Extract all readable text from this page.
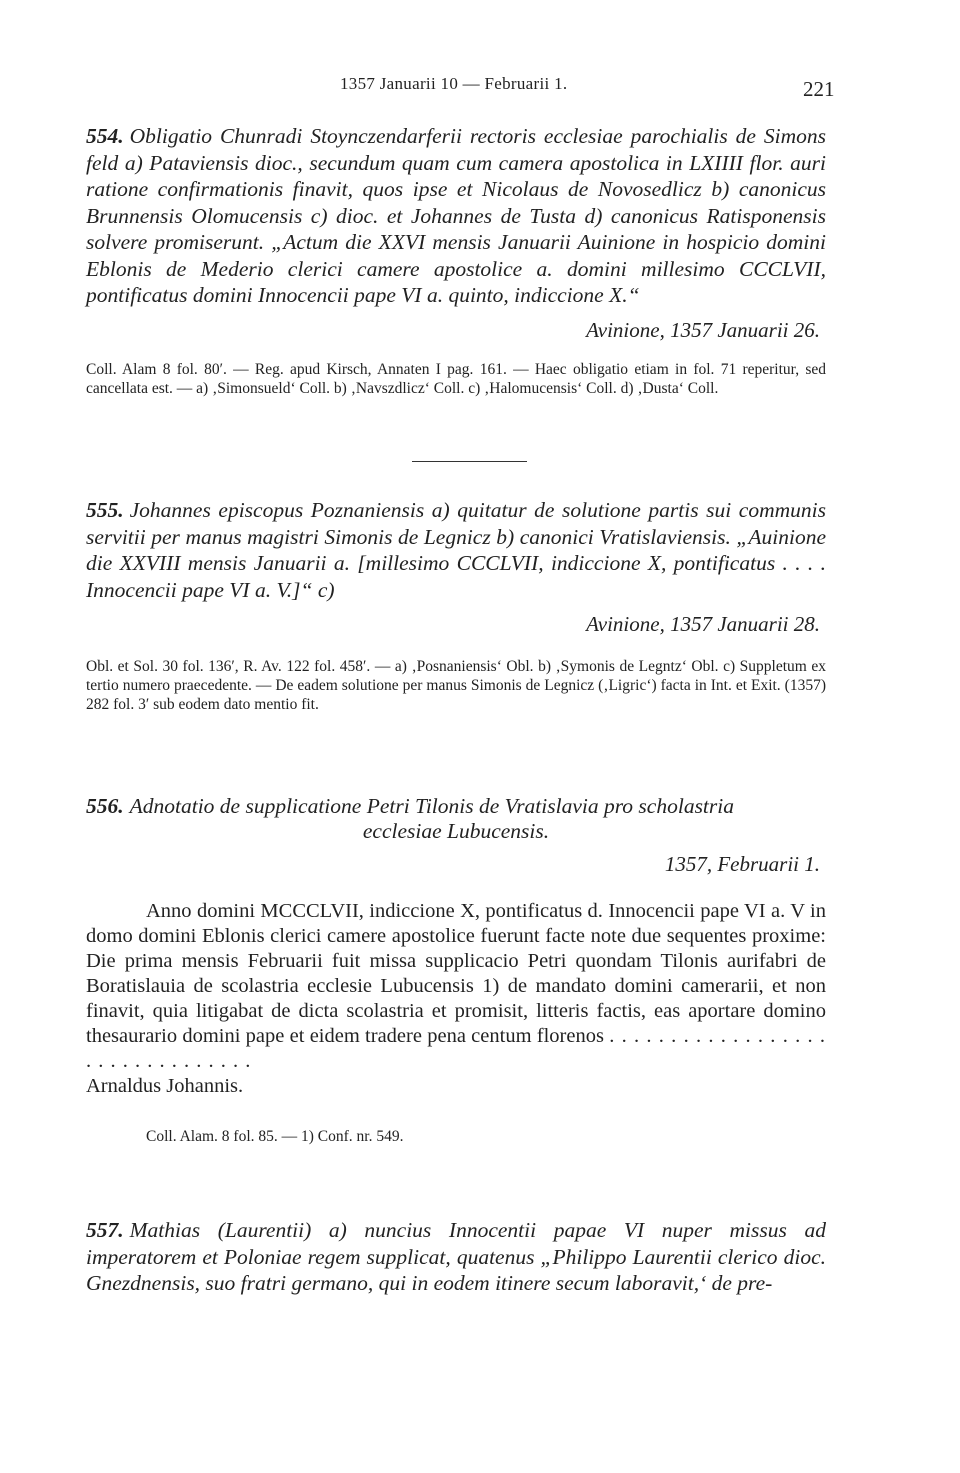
1357 Januarii 10 — Februarii 1.	221

554. Obligatio Chunradi Stoynczendarferii rectoris ecclesiae parochialis de Simons feld a) Pataviensis dioc., secundum quam cum camera apostolica in LXIIII flor. auri ratione confirmationis finavit, quos ipse et Nicolaus de Novosedlicz b) canonicus Brunnensis Olomucensis c) dioc. et Johannes de Tusta d) canonicus Ratisponensis solvere promiserunt. „Actum die XXVI mensis Januarii Auinione in hospicio domini Eblonis de Mederio clerici camere apostolice a. domini millesimo CCCLVII, pontificatus domini Innocencii pape VI a. quinto, indiccione X.“

Avinione, 1357 Januarii 26.

Coll. Alam 8 fol. 80′. — Reg. apud Kirsch, Annaten I pag. 161. — Haec obligatio etiam in fol. 71 reperitur, sed cancellata est. — a) ‚Simonsueld‘ Coll. b) ‚Navszdlicz‘ Coll. c) ‚Halomucensis‘ Coll. d) ‚Dusta‘ Coll.

555. Johannes episcopus Poznaniensis a) quitatur de solutione partis sui communis servitii per manus magistri Simonis de Legnicz b) canonici Vratislaviensis. „Auinione die XXVIII mensis Januarii a. [millesimo CCCLVII, indiccione X, pontificatus . . . . Innocencii pape VI a. V.]“ c)

Avinione, 1357 Januarii 28.

Obl. et Sol. 30 fol. 136′, R. Av. 122 fol. 458′. — a) ‚Posnaniensis‘ Obl. b) ‚Symonis de Legntz‘ Obl. c) Suppletum ex tertio numero praecedente. — De eadem solutione per manus Simonis de Legnicz (‚Ligric‘) facta in Int. et Exit. (1357) 282 fol. 3′ sub eodem dato mentio fit.

556. Adnotatio de supplicatione Petri Tilonis de Vratislavia pro scholastria

ecclesiae Lubucensis.

1357, Februarii 1.

Anno domini MCCCLVII, indiccione X, pontificatus d. Innocencii pape VI a. V in domo domini Eblonis clerici camere apostolice fuerunt facte note due sequentes proxime: Die prima mensis Februarii fuit missa supplicacio Petri quondam Tilonis aurifabri de Boratislauia de scolastria ecclesie Lubucensis 1) de mandato domini camerarii, et non finavit, quia litigabat de dicta scolastria et promisit, litteris factis, eas aportare domino thesaurario domini pape et eidem tradere pena centum florenos . . . . . . . . . . . . . . . . . . . . . . . . . . . . . . . .

Arnaldus Johannis.

Coll. Alam. 8 fol. 85. — 1) Conf. nr. 549.

557. Mathias (Laurentii) a) nuncius Innocentii papae VI nuper missus ad imperatorem et Poloniae regem supplicat, quatenus „Philippo Laurentii clerico dioc. Gnezdnensis, suo fratri germano, qui in eodem itinere secum laboravit,‘ de pre-
